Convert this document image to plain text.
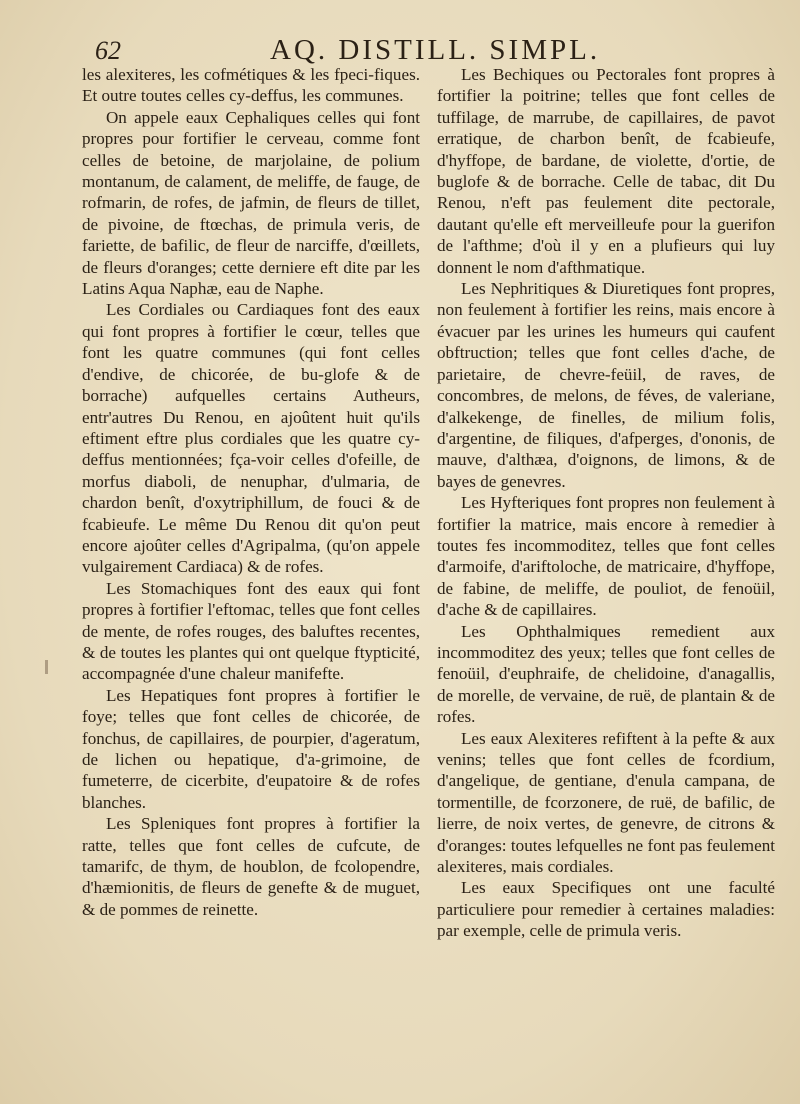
62	AQ. DISTILL. SIMPL.

les alexiteres, les cofmétiques & les fpeci-fiques. Et outre toutes celles cy-deffus, les communes.

On appele eaux Cephaliques celles qui font propres pour fortifier le cerveau, comme font celles de betoine, de marjolaine, de polium montanum, de calament, de meliffe, de fauge, de rofmarin, de rofes, de jafmin, de fleurs de tillet, de pivoine, de ftœchas, de primula veris, de fariette, de bafilic, de fleur de narciffe, d'œillets, de fleurs d'oranges; cette derniere eft dite par les Latins Aqua Naphæ, eau de Naphe.

Les Cordiales ou Cardiaques font des eaux qui font propres à fortifier le cœur, telles que font les quatre communes (qui font celles d'endive, de chicorée, de bu-glofe & de borrache) aufquelles certains Autheurs, entr'autres Du Renou, en ajoûtent huit qu'ils eftiment eftre plus cordiales que les quatre cy-deffus mentionnées; fça-voir celles d'ofeille, de morfus diaboli, de nenuphar, d'ulmaria, de chardon benît, d'oxytriphillum, de fouci & de fcabieufe. Le même Du Renou dit qu'on peut encore ajoûter celles d'Agripalma, (qu'on appele vulgairement Cardiaca) & de rofes.

Les Stomachiques font des eaux qui font propres à fortifier l'eftomac, telles que font celles de mente, de rofes rouges, des baluftes recentes, & de toutes les plantes qui ont quelque ftypticité, accompagnée d'une chaleur manifefte.

Les Hepatiques font propres à fortifier le foye; telles que font celles de chicorée, de fonchus, de capillaires, de pourpier, d'ageratum, de lichen ou hepatique, d'a-grimoine, de fumeterre, de cicerbite, d'eupatoire & de rofes blanches.

Les Spleniques font propres à fortifier la ratte, telles que font celles de cufcute, de tamarifc, de thym, de houblon, de fcolopendre, d'hæmionitis, de fleurs de genefte & de muguet, & de pommes de reinette.

Les Bechiques ou Pectorales font propres à fortifier la poitrine; telles que font celles de tuffilage, de marrube, de capillaires, de pavot erratique, de charbon benît, de fcabieufe, d'hyffope, de bardane, de violette, d'ortie, de buglofe & de borrache. Celle de tabac, dit Du Renou, n'eft pas feulement dite pectorale, dautant qu'elle eft merveilleufe pour la guerifon de l'afthme; d'où il y en a plufieurs qui luy donnent le nom d'afthmatique.

Les Nephritiques & Diuretiques font propres, non feulement à fortifier les reins, mais encore à évacuer par les urines les humeurs qui caufent obftruction; telles que font celles d'ache, de parietaire, de chevre-feüil, de raves, de concombres, de melons, de féves, de valeriane, d'alkekenge, de finelles, de milium folis, d'argentine, de filiques, d'afperges, d'ononis, de mauve, d'althæa, d'oignons, de limons, & de bayes de genevres.

Les Hyfteriques font propres non feulement à fortifier la matrice, mais encore à remedier à toutes fes incommoditez, telles que font celles d'armoife, d'ariftoloche, de matricaire, d'hyffope, de fabine, de meliffe, de pouliot, de fenoüil, d'ache & de capillaires.

Les Ophthalmiques remedient aux incommoditez des yeux; telles que font celles de fenoüil, d'euphraife, de chelidoine, d'anagallis, de morelle, de vervaine, de ruë, de plantain & de rofes.

Les eaux Alexiteres refiftent à la pefte & aux venins; telles que font celles de fcordium, d'angelique, de gentiane, d'enula campana, de tormentille, de fcorzonere, de ruë, de bafilic, de lierre, de noix vertes, de genevre, de citrons & d'oranges: toutes lefquelles ne font pas feulement alexiteres, mais cordiales.

Les eaux Specifiques ont une faculté particuliere pour remedier à certaines maladies: par exemple, celle de primula veris.
